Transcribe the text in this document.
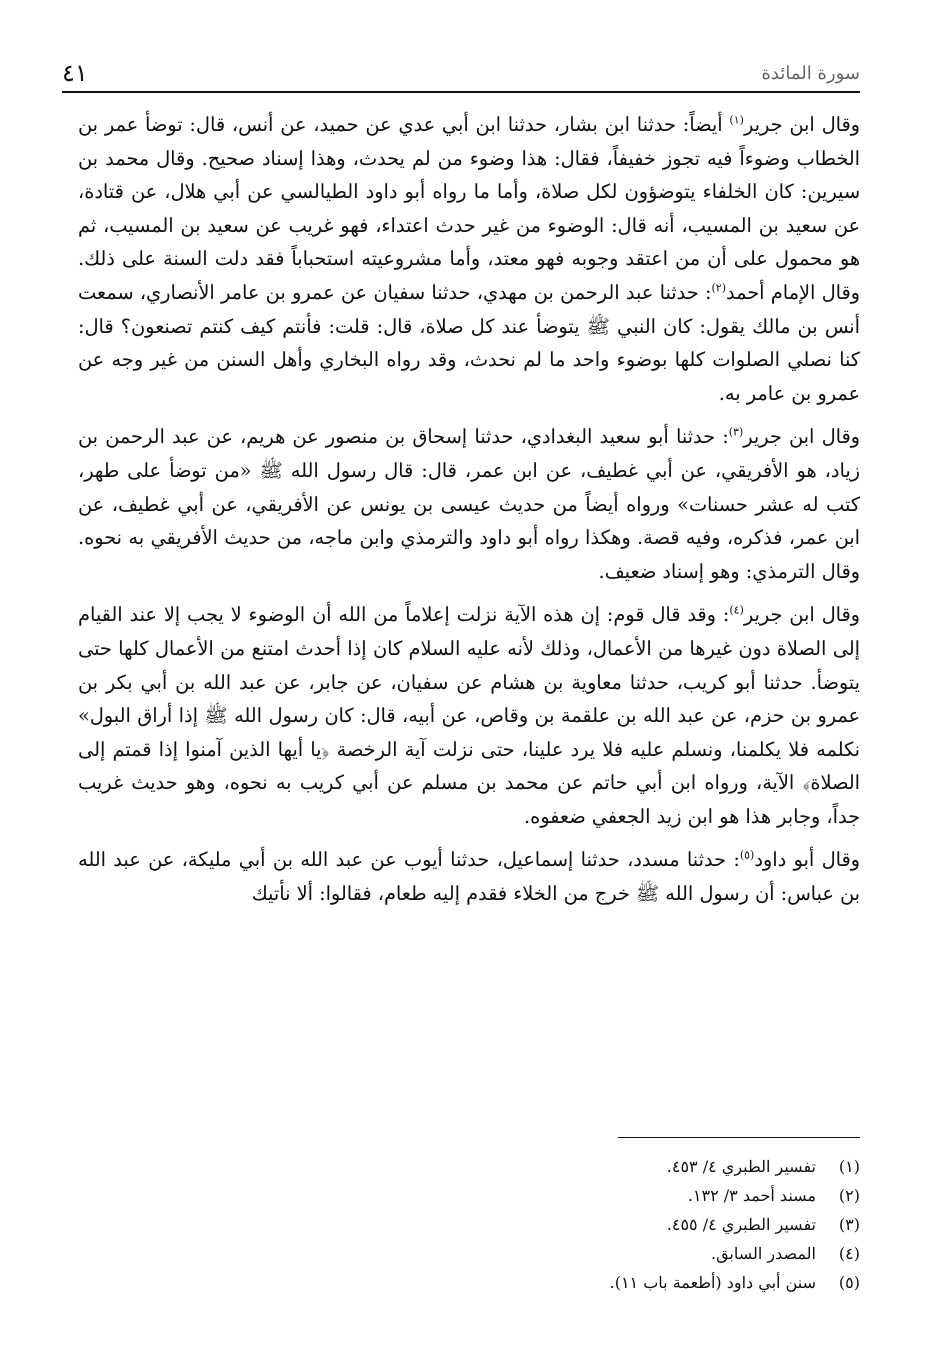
٤١	سورة المائدة

وقال ابن جرير$^{(١)}$ أيضاً: حدثنا ابن بشار، حدثنا ابن أبي عدي عن حميد، عن أنس، قال: توضأ عمر بن الخطاب وضوءاً فيه تجوز خفيفاً، فقال: هذا وضوء من لم يحدث، وهذا إسناد صحيح. وقال محمد بن سيرين: كان الخلفاء يتوضؤون لكل صلاة، وأما ما رواه أبو داود الطيالسي عن أبي هلال، عن قتادة، عن سعيد بن المسيب، أنه قال: الوضوء من غير حدث اعتداء، فهو غريب عن سعيد بن المسيب، ثم هو محمول على أن من اعتقد وجوبه فهو معتد، وأما مشروعيته استحباباً فقد دلت السنة على ذلك. وقال الإمام أحمد$^{(٢)}$: حدثنا عبد الرحمن بن مهدي، حدثنا سفيان عن عمرو بن عامر الأنصاري، سمعت أنس بن مالك يقول: كان النبي ﷺ يتوضأ عند كل صلاة، قال: قلت: فأنتم كيف كنتم تصنعون؟ قال: كنا نصلي الصلوات كلها بوضوء واحد ما لم نحدث، وقد رواه البخاري وأهل السنن من غير وجه عن عمرو بن عامر به.

وقال ابن جرير$^{(٣)}$: حدثنا أبو سعيد البغدادي، حدثنا إسحاق بن منصور عن هريم، عن عبد الرحمن بن زياد، هو الأفريقي، عن أبي غطيف، عن ابن عمر، قال: قال رسول الله ﷺ «من توضأ على طهر، كتب له عشر حسنات» ورواه أيضاً من حديث عيسى بن يونس عن الأفريقي، عن أبي غطيف، عن ابن عمر، فذكره، وفيه قصة. وهكذا رواه أبو داود والترمذي وابن ماجه، من حديث الأفريقي به نحوه. وقال الترمذي: وهو إسناد ضعيف.

وقال ابن جرير$^{(٤)}$: وقد قال قوم: إن هذه الآية نزلت إعلاماً من الله أن الوضوء لا يجب إلا عند القيام إلى الصلاة دون غيرها من الأعمال، وذلك لأنه عليه السلام كان إذا أحدث امتنع من الأعمال كلها حتى يتوضأ. حدثنا أبو كريب، حدثنا معاوية بن هشام عن سفيان، عن جابر، عن عبد الله بن أبي بكر بن عمرو بن حزم، عن عبد الله بن علقمة بن وقاص، عن أبيه، قال: كان رسول الله ﷺ إذا أراق البول» نكلمه فلا يكلمنا، ونسلم عليه فلا يرد علينا، حتى نزلت آية الرخصة ﴿يا أيها الذين آمنوا إذا قمتم إلى الصلاة﴾ الآية، ورواه ابن أبي حاتم عن محمد بن مسلم عن أبي كريب به نحوه، وهو حديث غريب جداً، وجابر هذا هو ابن زيد الجعفي ضعفوه.

وقال أبو داود$^{(٥)}$: حدثنا مسدد، حدثنا إسماعيل، حدثنا أيوب عن عبد الله بن أبي مليكة، عن عبد الله بن عباس: أن رسول الله ﷺ خرج من الخلاء فقدم إليه طعام، فقالوا: ألا نأتيك

(١)تفسير الطبري ٤/ ٤٥٣.
(٢)مسند أحمد ٣/ ١٣٢.
(٣)تفسير الطبري ٤/ ٤٥٥.
(٤)المصدر السابق.
(٥)سنن أبي داود (أطعمة باب ١١).
